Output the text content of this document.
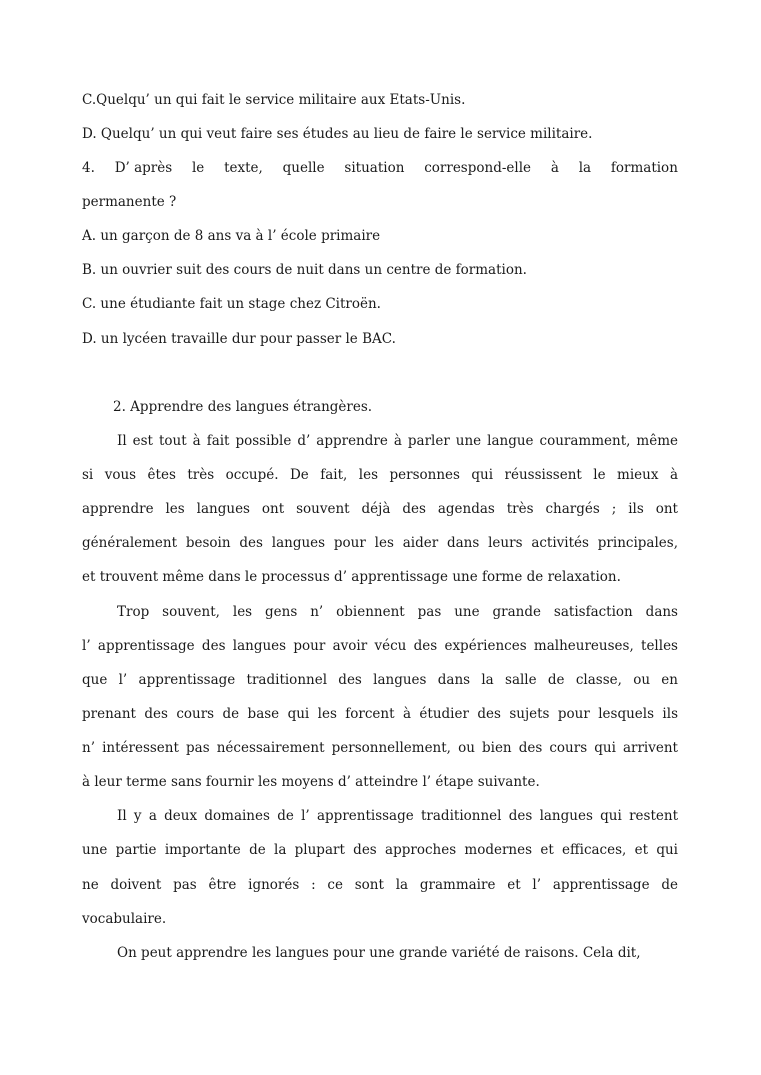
C.Quelqu’ un qui fait le service militaire aux Etats-Unis.
D. Quelqu’ un qui veut faire ses études au lieu de faire le service militaire.
4. D’ après le texte, quelle situation correspond-elle à la formation
permanente ?
A. un garçon de 8 ans va à l’ école primaire
B. un ouvrier suit des cours de nuit dans un centre de formation.
C. une étudiante fait un stage chez Citroën.
D. un lycéen travaille dur pour passer le BAC.
2. Apprendre des langues étrangères.
Il est tout à fait possible d’ apprendre à parler une langue couramment, même
si vous êtes très occupé. De fait, les personnes qui réussissent le mieux à
apprendre les langues ont souvent déjà des agendas très chargés ; ils ont
généralement besoin des langues pour les aider dans leurs activités principales,
et trouvent même dans le processus d’ apprentissage une forme de relaxation.
Trop souvent, les gens n’ obiennent pas une grande satisfaction dans
l’ apprentissage des langues pour avoir vécu des expériences malheureuses, telles
que l’ apprentissage traditionnel des langues dans la salle de classe, ou en
prenant des cours de base qui les forcent à étudier des sujets pour lesquels ils
n’ intéressent pas nécessairement personnellement, ou bien des cours qui arrivent
à leur terme sans fournir les moyens d’ atteindre l’ étape suivante.
Il y a deux domaines de l’ apprentissage traditionnel des langues qui restent
une partie importante de la plupart des approches modernes et efficaces, et qui
ne doivent pas être ignorés : ce sont la grammaire et l’ apprentissage de
vocabulaire.
On peut apprendre les langues pour une grande variété de raisons. Cela dit,
